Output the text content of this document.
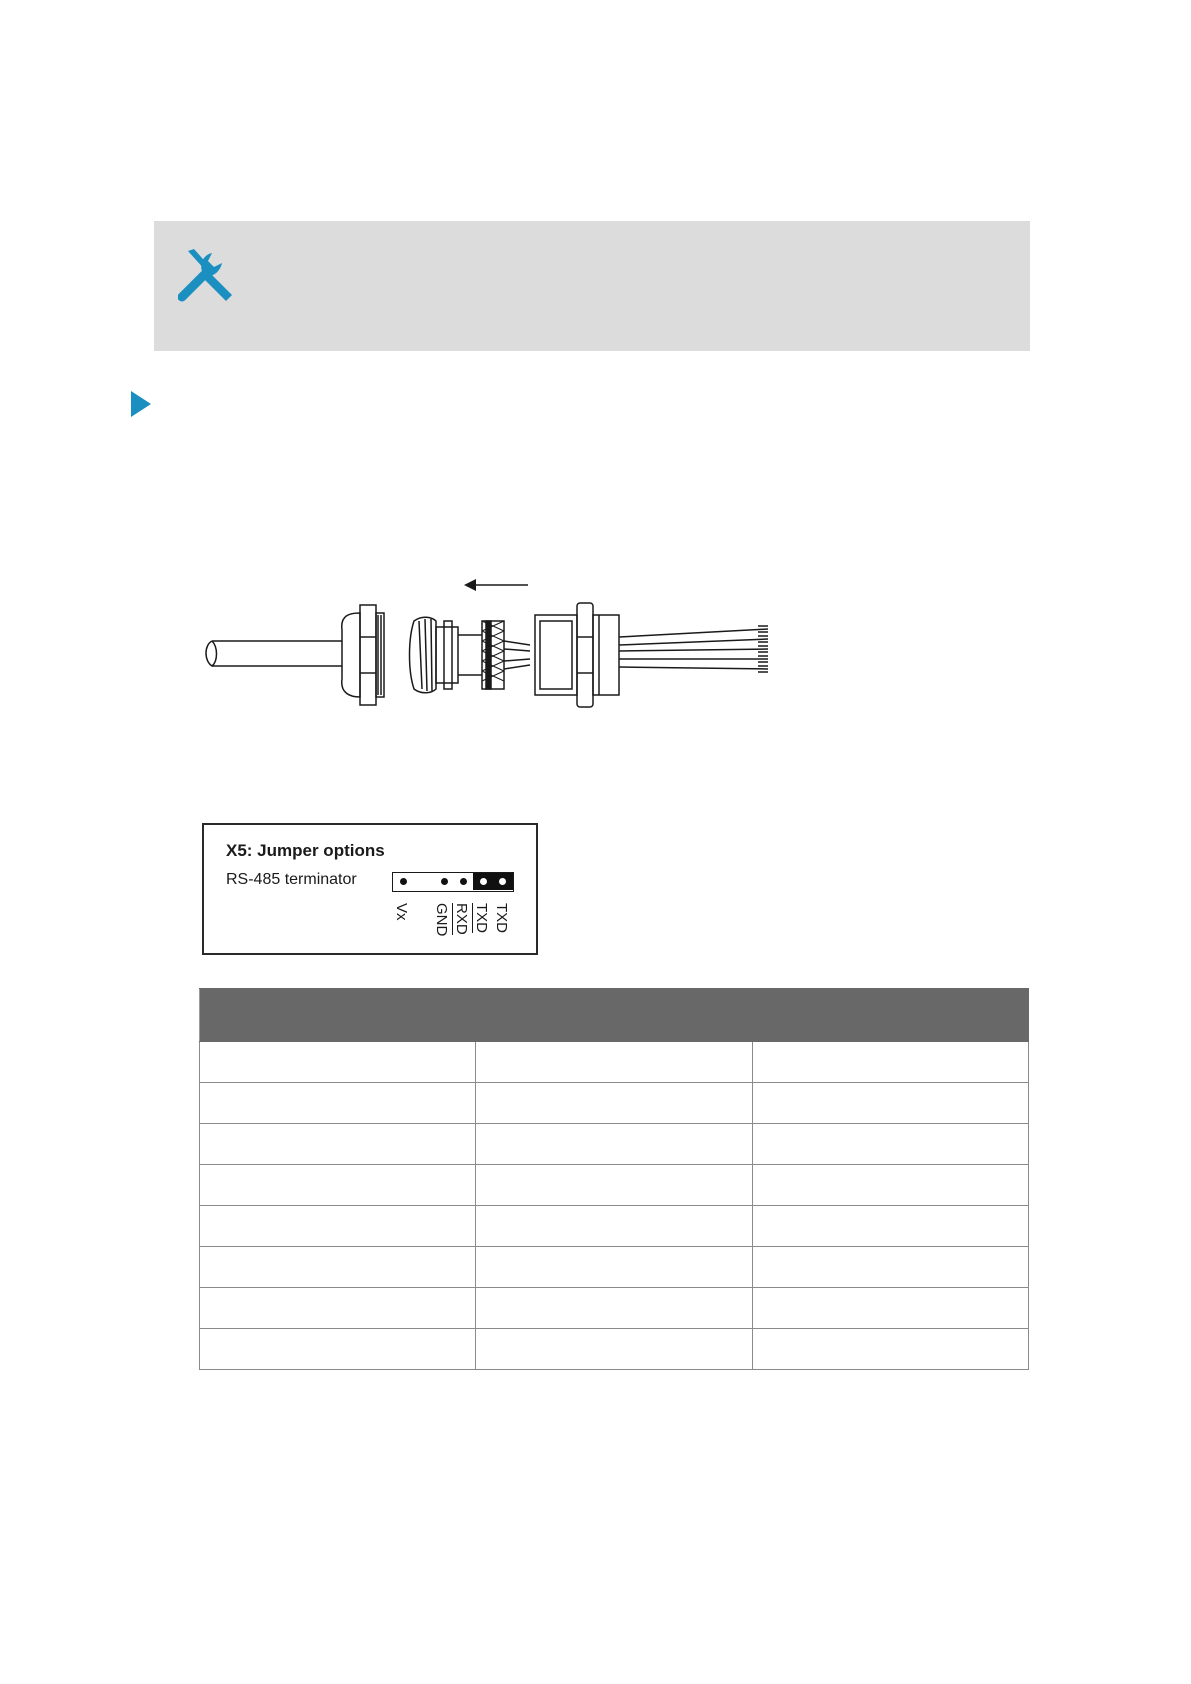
X5: Jumper options
RS-485 terminator
Vx GND RXD TXD TXD
